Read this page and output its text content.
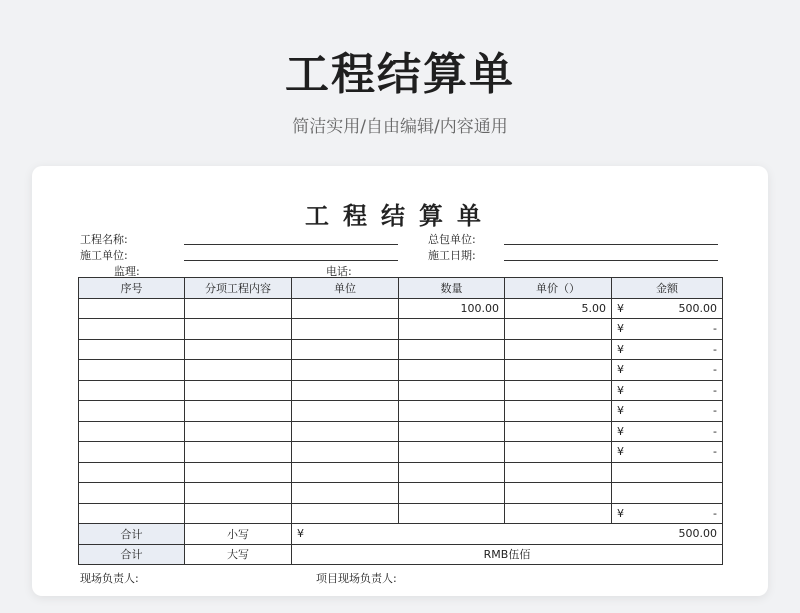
工程结算单
简洁实用/自由编辑/内容通用
工程结算单
工程名称:	总包单位:
施工单位:	施工日期:
监理:	电话:
序号	分项工程内容	单位	数量	单价（）	金额
			100.00	5.00	¥ 500.00

					¥ -

					¥ -

					¥ -

					¥ -

					¥ -

					¥ -

					¥ -

					¥ -

合计	小写	¥ 500.00			

合计	大写	RMB伍佰			
现场负责人:	项目现场负责人:
